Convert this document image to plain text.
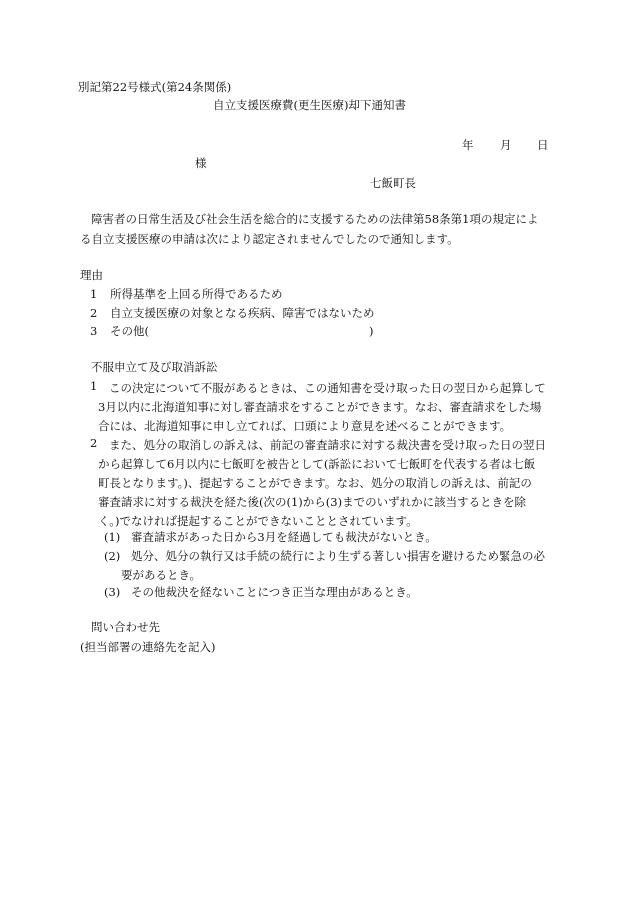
別記第22号様式(第24条関係)
自立支援医療費(更生医療)却下通知書
年 月 日
様
七飯町長
障害者の日常生活及び社会生活を総合的に支援するための法律第58条第1項の規定によ
る自立支援医療の申請は次により認定されませんでしたので通知します。
理由
1 所得基準を上回る所得であるため
2 自立支援医療の対象となる疾病、障害ではないため
3 その他(	)
不服申立て及び取消訴訟
1	この決定について不服があるときは、この通知書を受け取った日の翌日から起算して
3月以内に北海道知事に対し審査請求をすることができます。なお、審査請求をした場
合には、北海道知事に申し立てれば、口頭により意見を述べることができます。
2	また、処分の取消しの訴えは、前記の審査請求に対する裁決書を受け取った日の翌日
から起算して6月以内に七飯町を被告として(訴訟において七飯町を代表する者は七飯
町長となります。)、提起することができます。なお、処分の取消しの訴えは、前記の
審査請求に対する裁決を経た後(次の(1)から(3)までのいずれかに該当するときを除
く。)でなければ提起することができないこととされています。
(1) 審査請求があった日から3月を経過しても裁決がないとき。
(2) 処分、処分の執行又は手続の続行により生ずる著しい損害を避けるため緊急の必
要があるとき。
(3) その他裁決を経ないことにつき正当な理由があるとき。
問い合わせ先
(担当部署の連絡先を記入)
